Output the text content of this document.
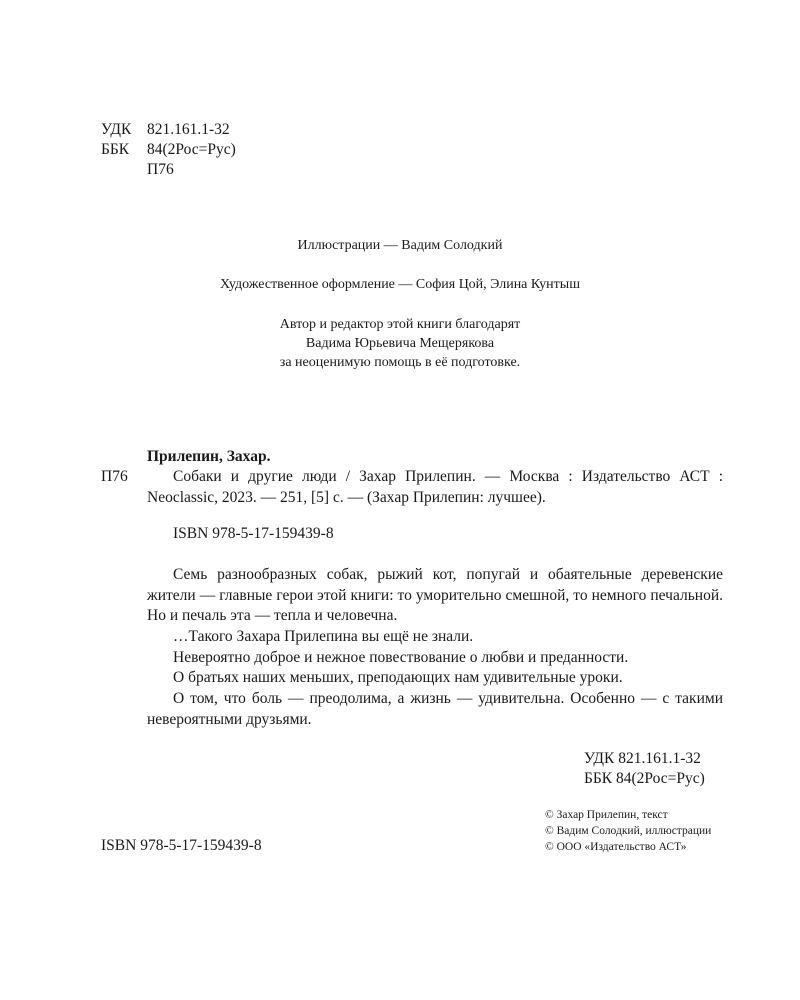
УДК 821.161.1-32
ББК 84(2Рос=Рус)
П76
Иллюстрации — Вадим Солодкий
Художественное оформление — София Цой, Элина Кунтыш
Автор и редактор этой книги благодарят
Вадима Юрьевича Мещерякова
за неоценимую помощь в её подготовке.
Прилепин, Захар.
П76	Собаки и другие люди / Захар Прилепин. — Москва : Издательство АСТ : Neoclassic, 2023. — 251, [5] с. — (Захар Прилепин: лучшее).
ISBN 978-5-17-159439-8
Семь разнообразных собак, рыжий кот, попугай и обаятельные деревенские жители — главные герои этой книги: то уморительно смешной, то немного печальной. Но и печаль эта — тепла и человечна.
…Такого Захара Прилепина вы ещё не знали.
Невероятно доброе и нежное повествование о любви и преданности.
О братьях наших меньших, преподающих нам удивительные уроки.
О том, что боль — преодолима, а жизнь — удивительна. Особенно — с такими невероятными друзьями.
УДК 821.161.1-32
ББК 84(2Рос=Рус)
ISBN 978-5-17-159439-8
© Захар Прилепин, текст
© Вадим Солодкий, иллюстрации
© ООО «Издательство АСТ»
